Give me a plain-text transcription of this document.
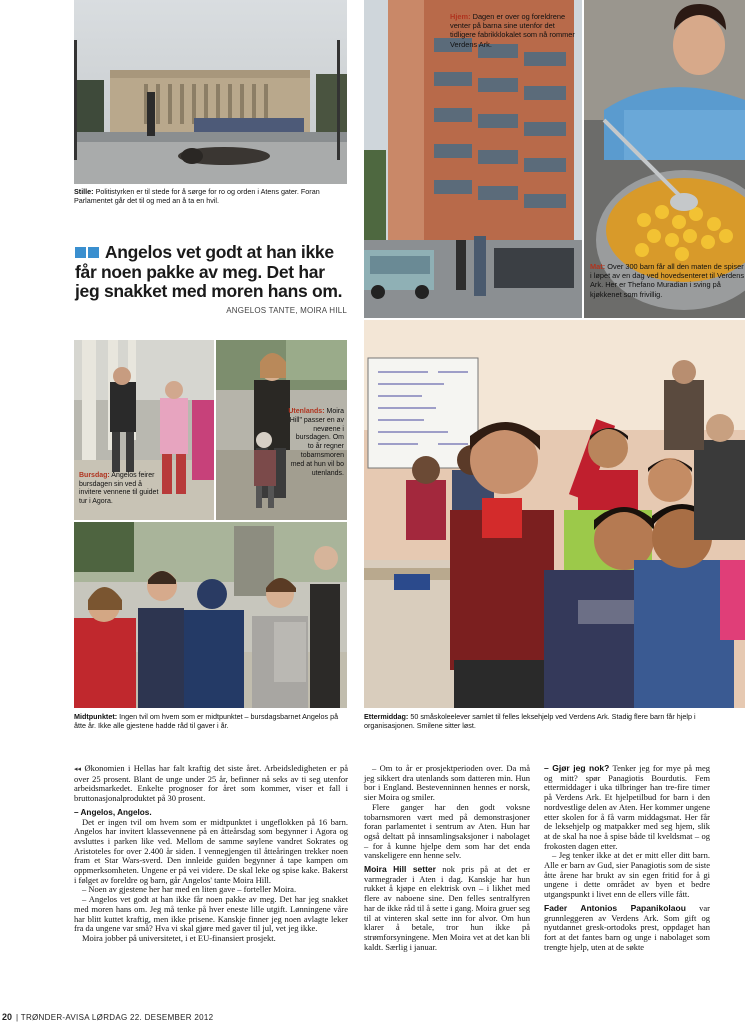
Stille: Politistyrken er til stede for å sørge for ro og orden i Atens gater. Foran Parlamentet går det til og med an å ta en hvil.
Hjem: Dagen er over og foreldrene venter på barna sine utenfor det tidligere fabrikklokalet som nå rommer Verdens Ark.
Mat: Over 300 barn får all den maten de spiser i løpet av en dag ved hovedsenteret til Verdens Ark. Her er Thefano Muradian i sving på kjøkkenet som frivillig.
Angelos vet godt at han ikke får noen pakke av meg. Det har jeg snakket med moren hans om.
ANGELOS TANTE, MOIRA HILL
Bursdag: Angelos feirer bursdagen sin ved å invitere vennene til guidet tur i Agora.
Utenlands: Moira Hill" passer en av nevøene i bursdagen. Om to år regner tobarnsmoren med at hun vil bo utenlands.
Midtpunktet: Ingen tvil om hvem som er midtpunktet – bursdagsbarnet Angelos på åtte år. Ikke alle gjestene hadde råd til gaver i år.
Ettermiddag: 50 småskoleelever samlet til felles leksehjelp ved Verdens Ark. Stadig flere barn får hjelp i organisasjonen. Smilene sitter løst.

◂◂ Økonomien i Hellas har falt kraftig det siste året. Arbeidsledigheten er på over 25 prosent. Blant de unge under 25 år, befinner nå seks av ti seg utenfor arbeidsmarkedet. Enkelte prognoser for året som kommer, viser et fall i bruttonasjonalproduktet på 30 prosent.

– Angelos, Angelos.

Det er ingen tvil om hvem som er midtpunktet i ungeflokken på 16 barn. Angelos har invitert klassevennene på en åtteårsdag som begynner i Agora og avsluttes i parken like ved. Mellom de samme søylene vandret Sokrates og Aristoteles for over 2.400 år siden. I vennegjengen til åtteåringen trekker noen fram et Star Wars-sverd. Den innleide guiden begynner å tape kampen om oppmerksomheten. Ungene er på vei videre. De skal leke og spise kake. Bakerst i følget av foreldre og barn, går Angelos' tante Moira Hill.

– Noen av gjestene her har med en liten gave – forteller Moira.

– Angelos vet godt at han ikke får noen pakke av meg. Det har jeg snakket med moren hans om. Jeg må tenke på hver eneste lille utgift. Lønningene våre har blitt kuttet kraftig, men ikke prisene. Kanskje finner jeg noen avlagte leker fra da ungene var små? Hva vi skal gjøre med gaver til jul, vet jeg ikke.

Moira jobber på universitetet, i et EU-finansiert prosjekt.

– Om to år er prosjektperioden over. Da må jeg sikkert dra utenlands som datteren min. Hun bor i England. Bestevenninnen hennes er norsk, sier Moira og smiler.

Flere ganger har den godt voksne tobarnsmoren vært med på demonstrasjoner foran parlamentet i sentrum av Aten. Hun har også deltatt på innsamlingsaksjoner i nabolaget – for å kunne hjelpe dem som har det enda vanskeligere enn henne selv.

Moira Hill setter nok pris på at det er varmegrader i Aten i dag. Kanskje har hun rukket å kjøpe en elektrisk ovn – i likhet med flere av naboene sine. Den felles sentralfyren har de ikke råd til å sette i gang. Moira gruer seg til at vinteren skal sette inn for alvor. Om hun klarer å betale, tror hun ikke på strømforsyningene. Men Moira vet at det kan bli kaldt. Særlig i januar.

– Gjør jeg nok? Tenker jeg for mye på meg og mitt? spør Panagiotis Bourdutis. Fem ettermiddager i uka tilbringer han tre-fire timer på Verdens Ark. Et hjelpetilbud for barn i den nordvestlige delen av Aten. Her kommer ungene etter skolen for å få varm middagsmat. Her får de leksehjelp og matpakker med seg hjem, slik at de skal ha noe å spise både til kveldsmat – og frokosten dagen etter.

– Jeg tenker ikke at det er mitt eller ditt barn. Alle er barn av Gud, sier Panagiotis som de siste åtte årene har brukt av sin egen fritid for å gi ungene i dette området av byen et bedre utgangspunkt i livet enn de ellers ville fått.

Fader Antonios Papanikolaou var grunnleggeren av Verdens Ark. Som gift og nyutdannet gresk-ortodoks prest, oppdaget han fort at det fantes barn og unge i nabolaget som trengte hjelp, uten at de søkte

20 | TRØNDER-AVISA LØRDAG 22. DESEMBER 2012
